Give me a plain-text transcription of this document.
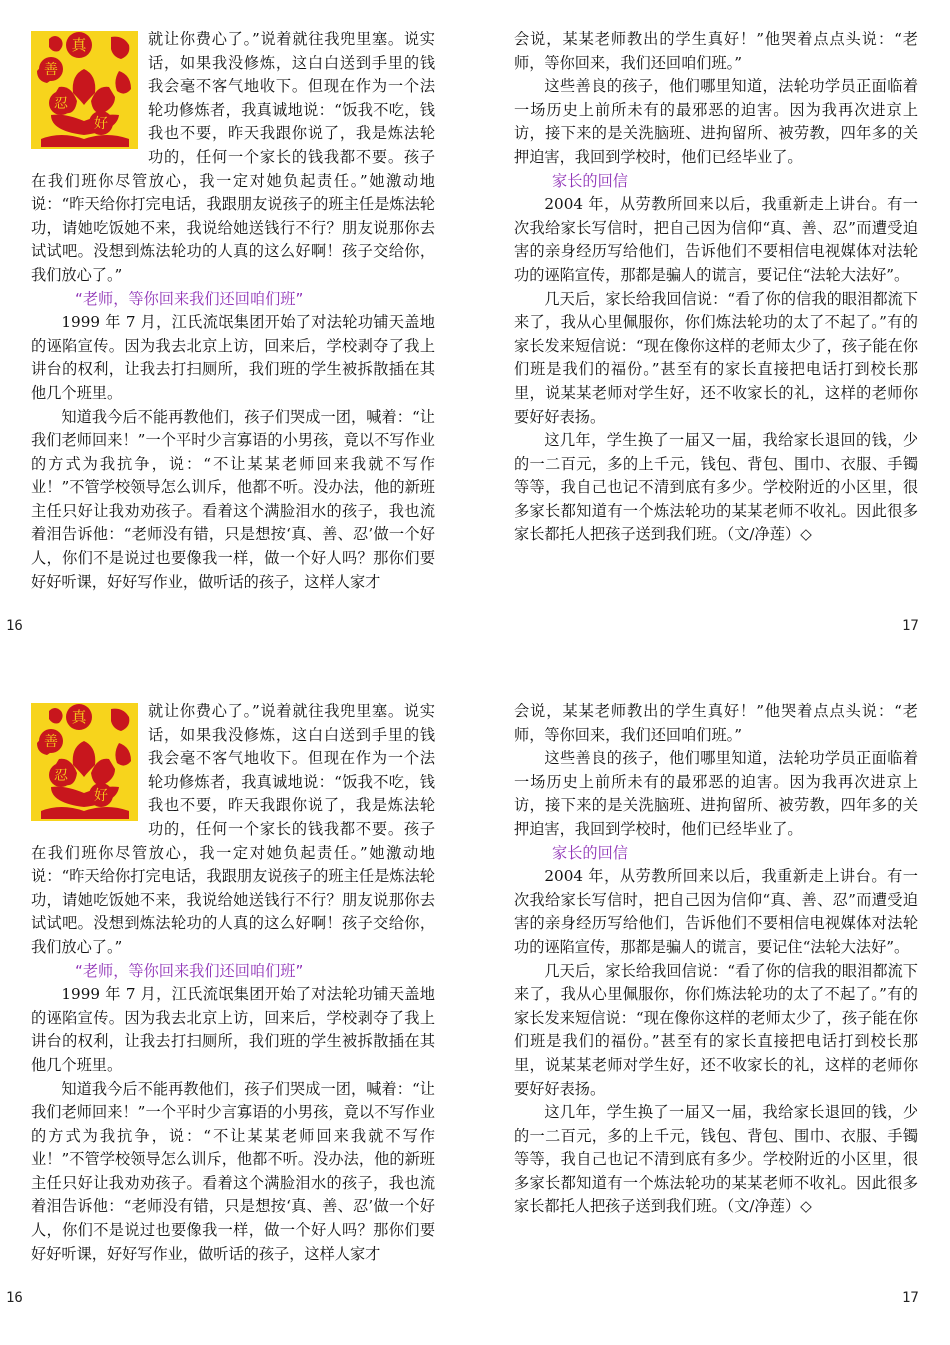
真
善
忍
好

就让你费心了。”说着就往我兜里塞。说实话，如果我没修炼，这白白送到手里的钱我会毫不客气地收下。但现在作为一个法轮功修炼者，我真诚地说：“饭我不吃，钱我也不要，昨天我跟你说了，我是炼法轮功的，任何一个家长的钱我都不要。孩子在我们班你尽管放心，我一定对她负起责任。”她激动地说：“昨天给你打完电话，我跟朋友说孩子的班主任是炼法轮功，请她吃饭她不来，我说给她送钱行不行？朋友说那你去试试吧。没想到炼法轮功的人真的这么好啊！孩子交给你，我们放心了。”

“老师，等你回来我们还回咱们班”

1999 年 7 月，江氏流氓集团开始了对法轮功铺天盖地的诬陷宣传。因为我去北京上访，回来后，学校剥夺了我上讲台的权利，让我去打扫厕所，我们班的学生被拆散插在其他几个班里。

知道我今后不能再教他们，孩子们哭成一团，喊着：“让我们老师回来！”一个平时少言寡语的小男孩，竟以不写作业的方式为我抗争，说：“不让某某老师回来我就不写作业！”不管学校领导怎么训斥，他都不听。没办法，他的新班主任只好让我劝劝孩子。看着这个满脸泪水的孩子，我也流着泪告诉他：“老师没有错，只是想按‘真、善、忍’做一个好人，你们不是说过也要像我一样，做一个好人吗？那你们要好好听课，好好写作业，做听话的孩子，这样人家才

会说，某某老师教出的学生真好！”他哭着点点头说：“老师，等你回来，我们还回咱们班。”

这些善良的孩子，他们哪里知道，法轮功学员正面临着一场历史上前所未有的最邪恶的迫害。因为我再次进京上访，接下来的是关洗脑班、进拘留所、被劳教，四年多的关押迫害，我回到学校时，他们已经毕业了。

家长的回信

2004 年，从劳教所回来以后，我重新走上讲台。有一次我给家长写信时，把自己因为信仰“真、善、忍”而遭受迫害的亲身经历写给他们，告诉他们不要相信电视媒体对法轮功的诬陷宣传，那都是骗人的谎言，要记住“法轮大法好”。

几天后，家长给我回信说：“看了你的信我的眼泪都流下来了，我从心里佩服你，你们炼法轮功的太了不起了。”有的家长发来短信说：“现在像你这样的老师太少了，孩子能在你们班是我们的福份。”甚至有的家长直接把电话打到校长那里，说某某老师对学生好，还不收家长的礼，这样的老师你要好好表扬。

这几年，学生换了一届又一届，我给家长退回的钱，少的一二百元，多的上千元，钱包、背包、围巾、衣服、手镯等等，我自己也记不清到底有多少。学校附近的小区里，很多家长都知道有一个炼法轮功的某某老师不收礼。因此很多家长都托人把孩子送到我们班。（文/净莲）◇

16	17
真
善
忍
好

就让你费心了。”说着就往我兜里塞。说实话，如果我没修炼，这白白送到手里的钱我会毫不客气地收下。但现在作为一个法轮功修炼者，我真诚地说：“饭我不吃，钱我也不要，昨天我跟你说了，我是炼法轮功的，任何一个家长的钱我都不要。孩子在我们班你尽管放心，我一定对她负起责任。”她激动地说：“昨天给你打完电话，我跟朋友说孩子的班主任是炼法轮功，请她吃饭她不来，我说给她送钱行不行？朋友说那你去试试吧。没想到炼法轮功的人真的这么好啊！孩子交给你，我们放心了。”

“老师，等你回来我们还回咱们班”

1999 年 7 月，江氏流氓集团开始了对法轮功铺天盖地的诬陷宣传。因为我去北京上访，回来后，学校剥夺了我上讲台的权利，让我去打扫厕所，我们班的学生被拆散插在其他几个班里。

知道我今后不能再教他们，孩子们哭成一团，喊着：“让我们老师回来！”一个平时少言寡语的小男孩，竟以不写作业的方式为我抗争，说：“不让某某老师回来我就不写作业！”不管学校领导怎么训斥，他都不听。没办法，他的新班主任只好让我劝劝孩子。看着这个满脸泪水的孩子，我也流着泪告诉他：“老师没有错，只是想按‘真、善、忍’做一个好人，你们不是说过也要像我一样，做一个好人吗？那你们要好好听课，好好写作业，做听话的孩子，这样人家才

会说，某某老师教出的学生真好！”他哭着点点头说：“老师，等你回来，我们还回咱们班。”

这些善良的孩子，他们哪里知道，法轮功学员正面临着一场历史上前所未有的最邪恶的迫害。因为我再次进京上访，接下来的是关洗脑班、进拘留所、被劳教，四年多的关押迫害，我回到学校时，他们已经毕业了。

家长的回信

2004 年，从劳教所回来以后，我重新走上讲台。有一次我给家长写信时，把自己因为信仰“真、善、忍”而遭受迫害的亲身经历写给他们，告诉他们不要相信电视媒体对法轮功的诬陷宣传，那都是骗人的谎言，要记住“法轮大法好”。

几天后，家长给我回信说：“看了你的信我的眼泪都流下来了，我从心里佩服你，你们炼法轮功的太了不起了。”有的家长发来短信说：“现在像你这样的老师太少了，孩子能在你们班是我们的福份。”甚至有的家长直接把电话打到校长那里，说某某老师对学生好，还不收家长的礼，这样的老师你要好好表扬。

这几年，学生换了一届又一届，我给家长退回的钱，少的一二百元，多的上千元，钱包、背包、围巾、衣服、手镯等等，我自己也记不清到底有多少。学校附近的小区里，很多家长都知道有一个炼法轮功的某某老师不收礼。因此很多家长都托人把孩子送到我们班。（文/净莲）◇

16	17
